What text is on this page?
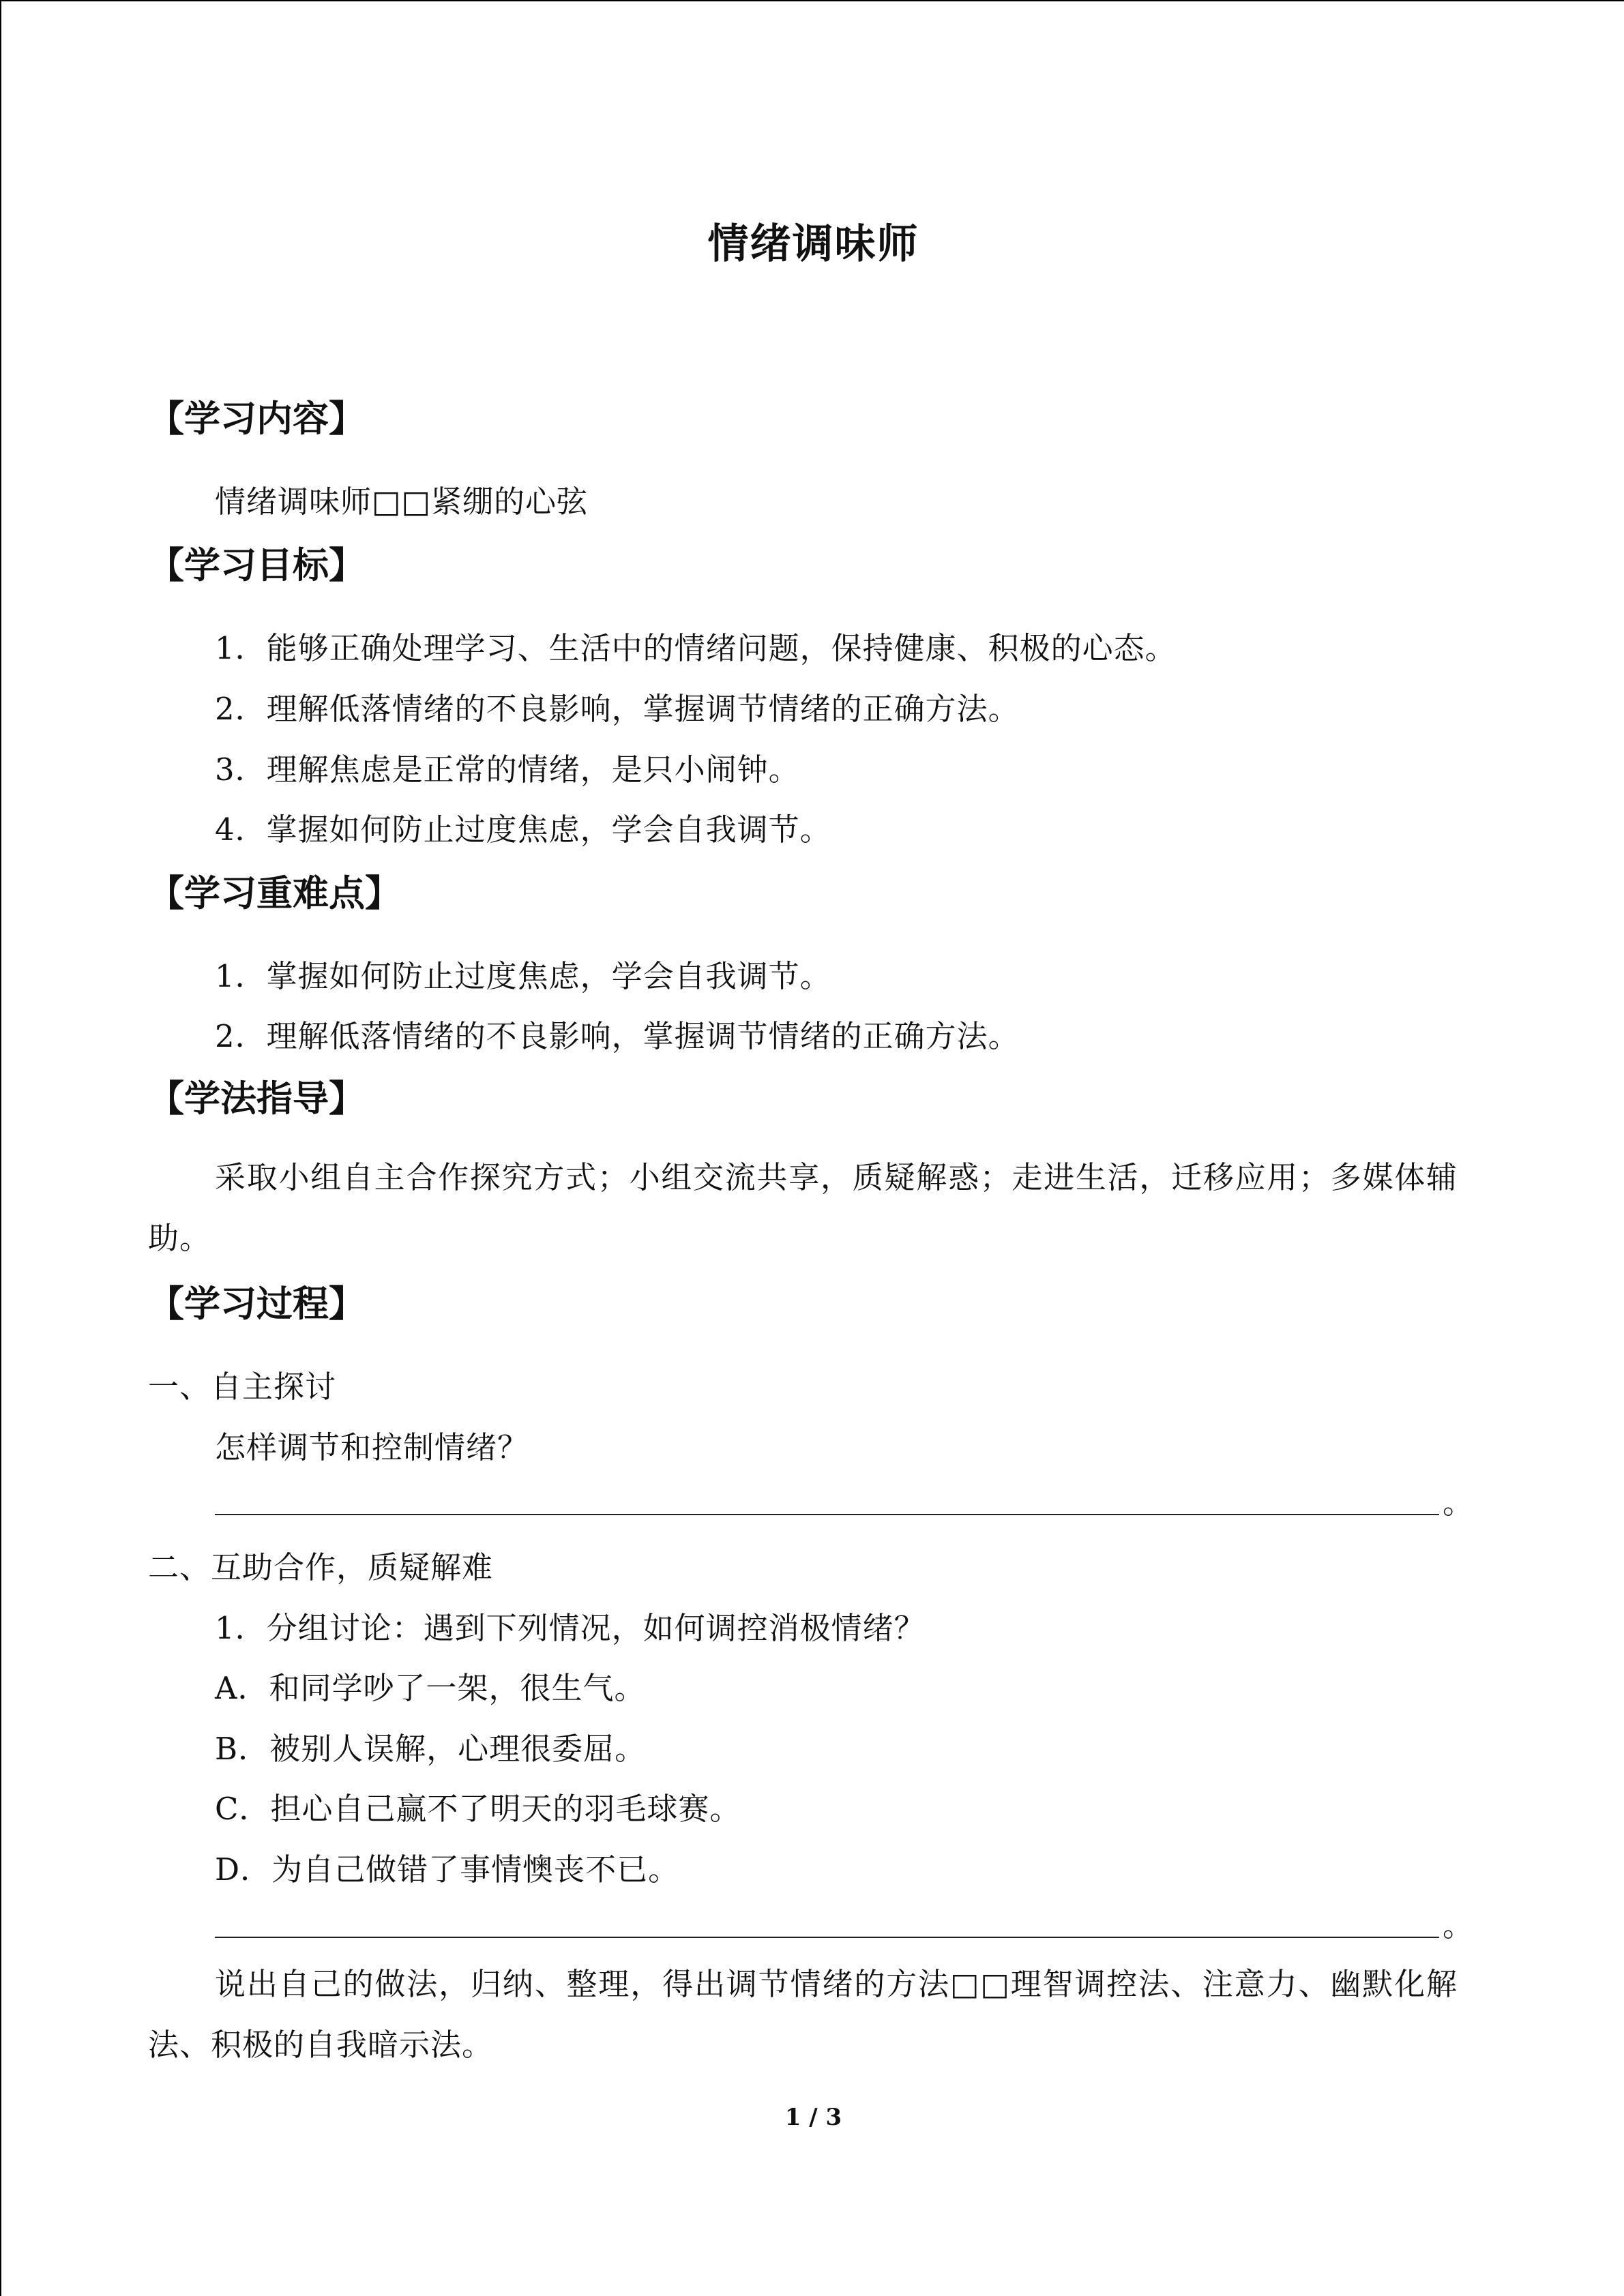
情绪调味师
【学习内容】
情绪调味师□□紧绷的心弦
【学习目标】
1．能够正确处理学习、生活中的情绪问题，保持健康、积极的心态。
2．理解低落情绪的不良影响，掌握调节情绪的正确方法。
3．理解焦虑是正常的情绪，是只小闹钟。
4．掌握如何防止过度焦虑，学会自我调节。
【学习重难点】
1．掌握如何防止过度焦虑，学会自我调节。
2．理解低落情绪的不良影响，掌握调节情绪的正确方法。
【学法指导】
采取小组自主合作探究方式；小组交流共享，质疑解惑；走进生活，迁移应用；多媒体辅助。
【学习过程】
一、自主探讨
怎样调节和控制情绪？
。
二、互助合作，质疑解难
1．分组讨论：遇到下列情况，如何调控消极情绪？
A．和同学吵了一架，很生气。
B．被别人误解，心理很委屈。
C．担心自己赢不了明天的羽毛球赛。
D．为自己做错了事情懊丧不已。
。
说出自己的做法，归纳、整理，得出调节情绪的方法□□理智调控法、注意力、幽默化解法、积极的自我暗示法。
1 / 3
